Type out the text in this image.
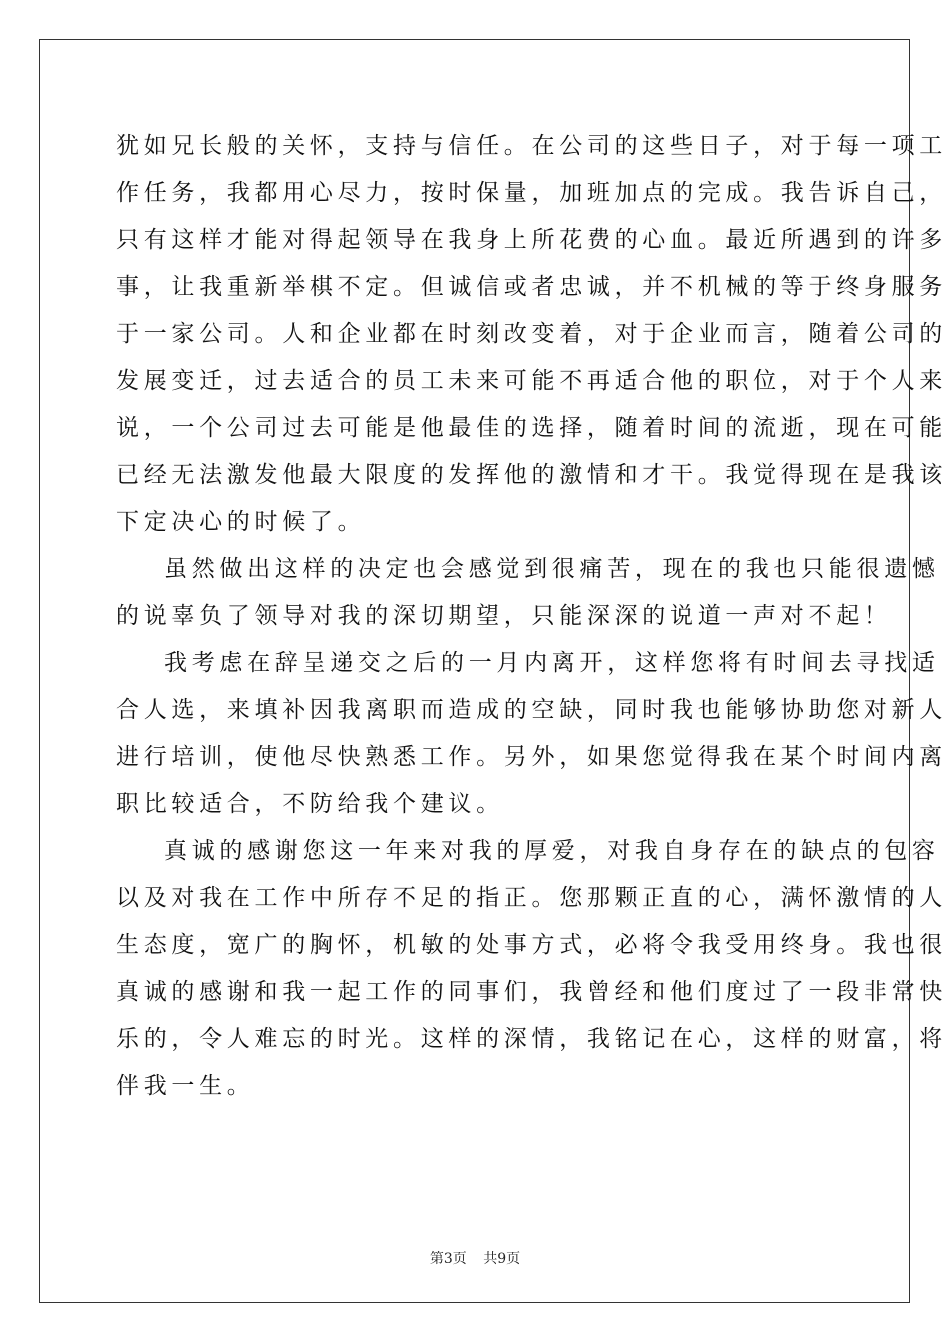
犹如兄长般的关怀，支持与信任。在公司的这些日子，对于每一项工
作任务，我都用心尽力，按时保量，加班加点的完成。我告诉自己，
只有这样才能对得起领导在我身上所花费的心血。最近所遇到的许多
事，让我重新举棋不定。但诚信或者忠诚，并不机械的等于终身服务
于一家公司。人和企业都在时刻改变着，对于企业而言，随着公司的
发展变迁，过去适合的员工未来可能不再适合他的职位，对于个人来
说，一个公司过去可能是他最佳的选择，随着时间的流逝，现在可能
已经无法激发他最大限度的发挥他的激情和才干。我觉得现在是我该
下定决心的时候了。
虽然做出这样的决定也会感觉到很痛苦，现在的我也只能很遗憾
的说辜负了领导对我的深切期望，只能深深的说道一声对不起！
我考虑在辞呈递交之后的一月内离开，这样您将有时间去寻找适
合人选，来填补因我离职而造成的空缺，同时我也能够协助您对新人
进行培训，使他尽快熟悉工作。另外，如果您觉得我在某个时间内离
职比较适合，不防给我个建议。
真诚的感谢您这一年来对我的厚爱，对我自身存在的缺点的包容
以及对我在工作中所存不足的指正。您那颗正直的心，满怀激情的人
生态度，宽广的胸怀，机敏的处事方式，必将令我受用终身。我也很
真诚的感谢和我一起工作的同事们，我曾经和他们度过了一段非常快
乐的，令人难忘的时光。这样的深情，我铭记在心，这样的财富，将
伴我一生。
第3页 共9页
